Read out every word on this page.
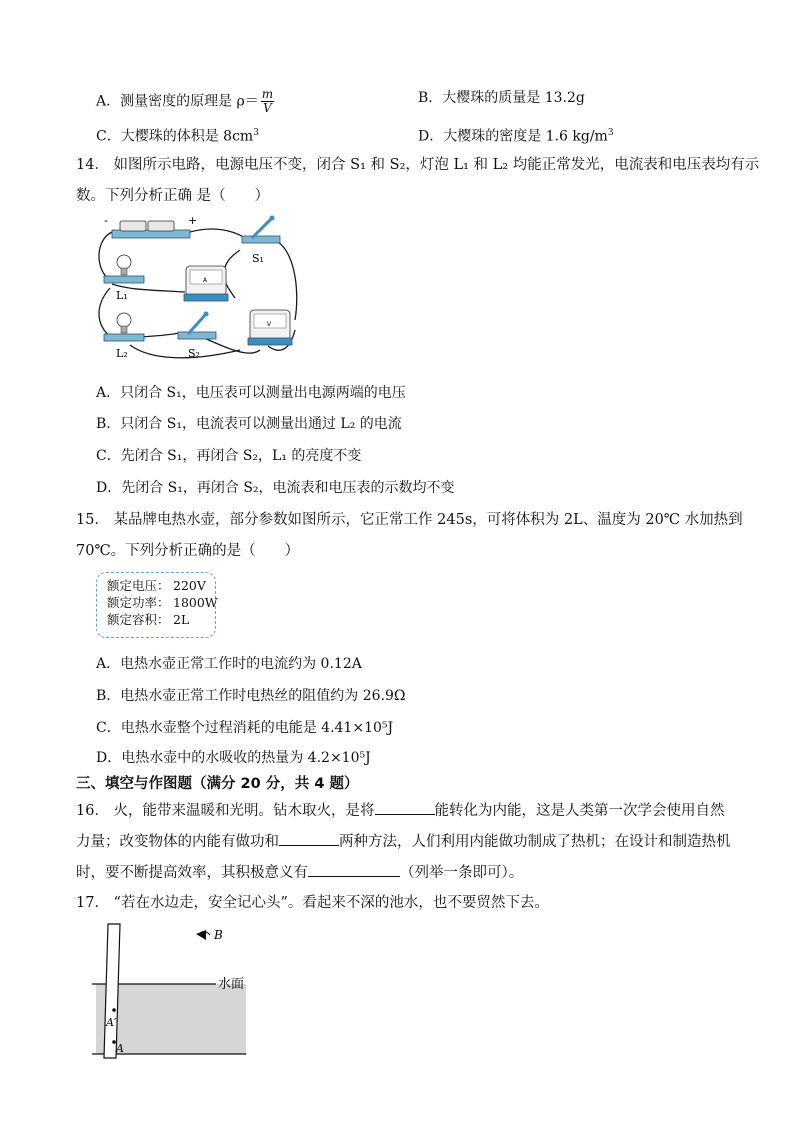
A．测量密度的原理是 $\rho= \frac{m}{V}$	B．大樱珠的质量是 13.2g
C．大樱珠的体积是 $8cm^3$	D．大樱珠的密度是 1.6 $kg/m^3$
14． 如图所示电路，电源电压不变，闭合 S₁ 和 S₂，灯泡 L₁ 和 L₂ 均能正常发光，电流表和电压表均有示
数。下列分析正确⁠ 是（　　）
-	+
S₁
L₁
A
L₂	S₂
V
A．只闭合 S₁，电压表可以测量出电源两端的电压
B．只闭合 S₁，电流表可以测量出通过 L₂ 的电流
C．先闭合 S₁，再闭合 S₂，L₁ 的亮度不变
D．先闭合 S₁，再闭合 S₂，电流表和电压表的示数均不变
15． 某品牌电热水壶，部分参数如图所示，它正常工作 245s，可将体积为 2L、温度为 20℃⁠ 水加热到
70℃。下列分析正确的是（　　）
额定电压： 220V
额定功率： 1800W
额定容积： 2L
A．电热水壶正常工作时的电流约为 0.12A
B．电热水壶正常工作时电热丝的阻值约为 26.9Ω
C．电热水壶整个过程消耗的电能是 4.41×10⁵J
D．电热水壶中的水吸收的热量为 4.2×10⁵J
三、填空与作图题（满分 20 分，共 4 题）
16． 火，能带来温暖和光明。钻木取火，是将	能转化为内能，这是人类第一次学会使用自然
力量；改变物体的内能有做功和	两种方法，人们利用内能做功制成了热机；在设计和制造热机
时，要不断提高效率，其积极意义有	（列举一条即可）。
17． “若在水边走，安全记心头”。看起来不深的池水，也不要贸然下去。
B
水面
A′
A
